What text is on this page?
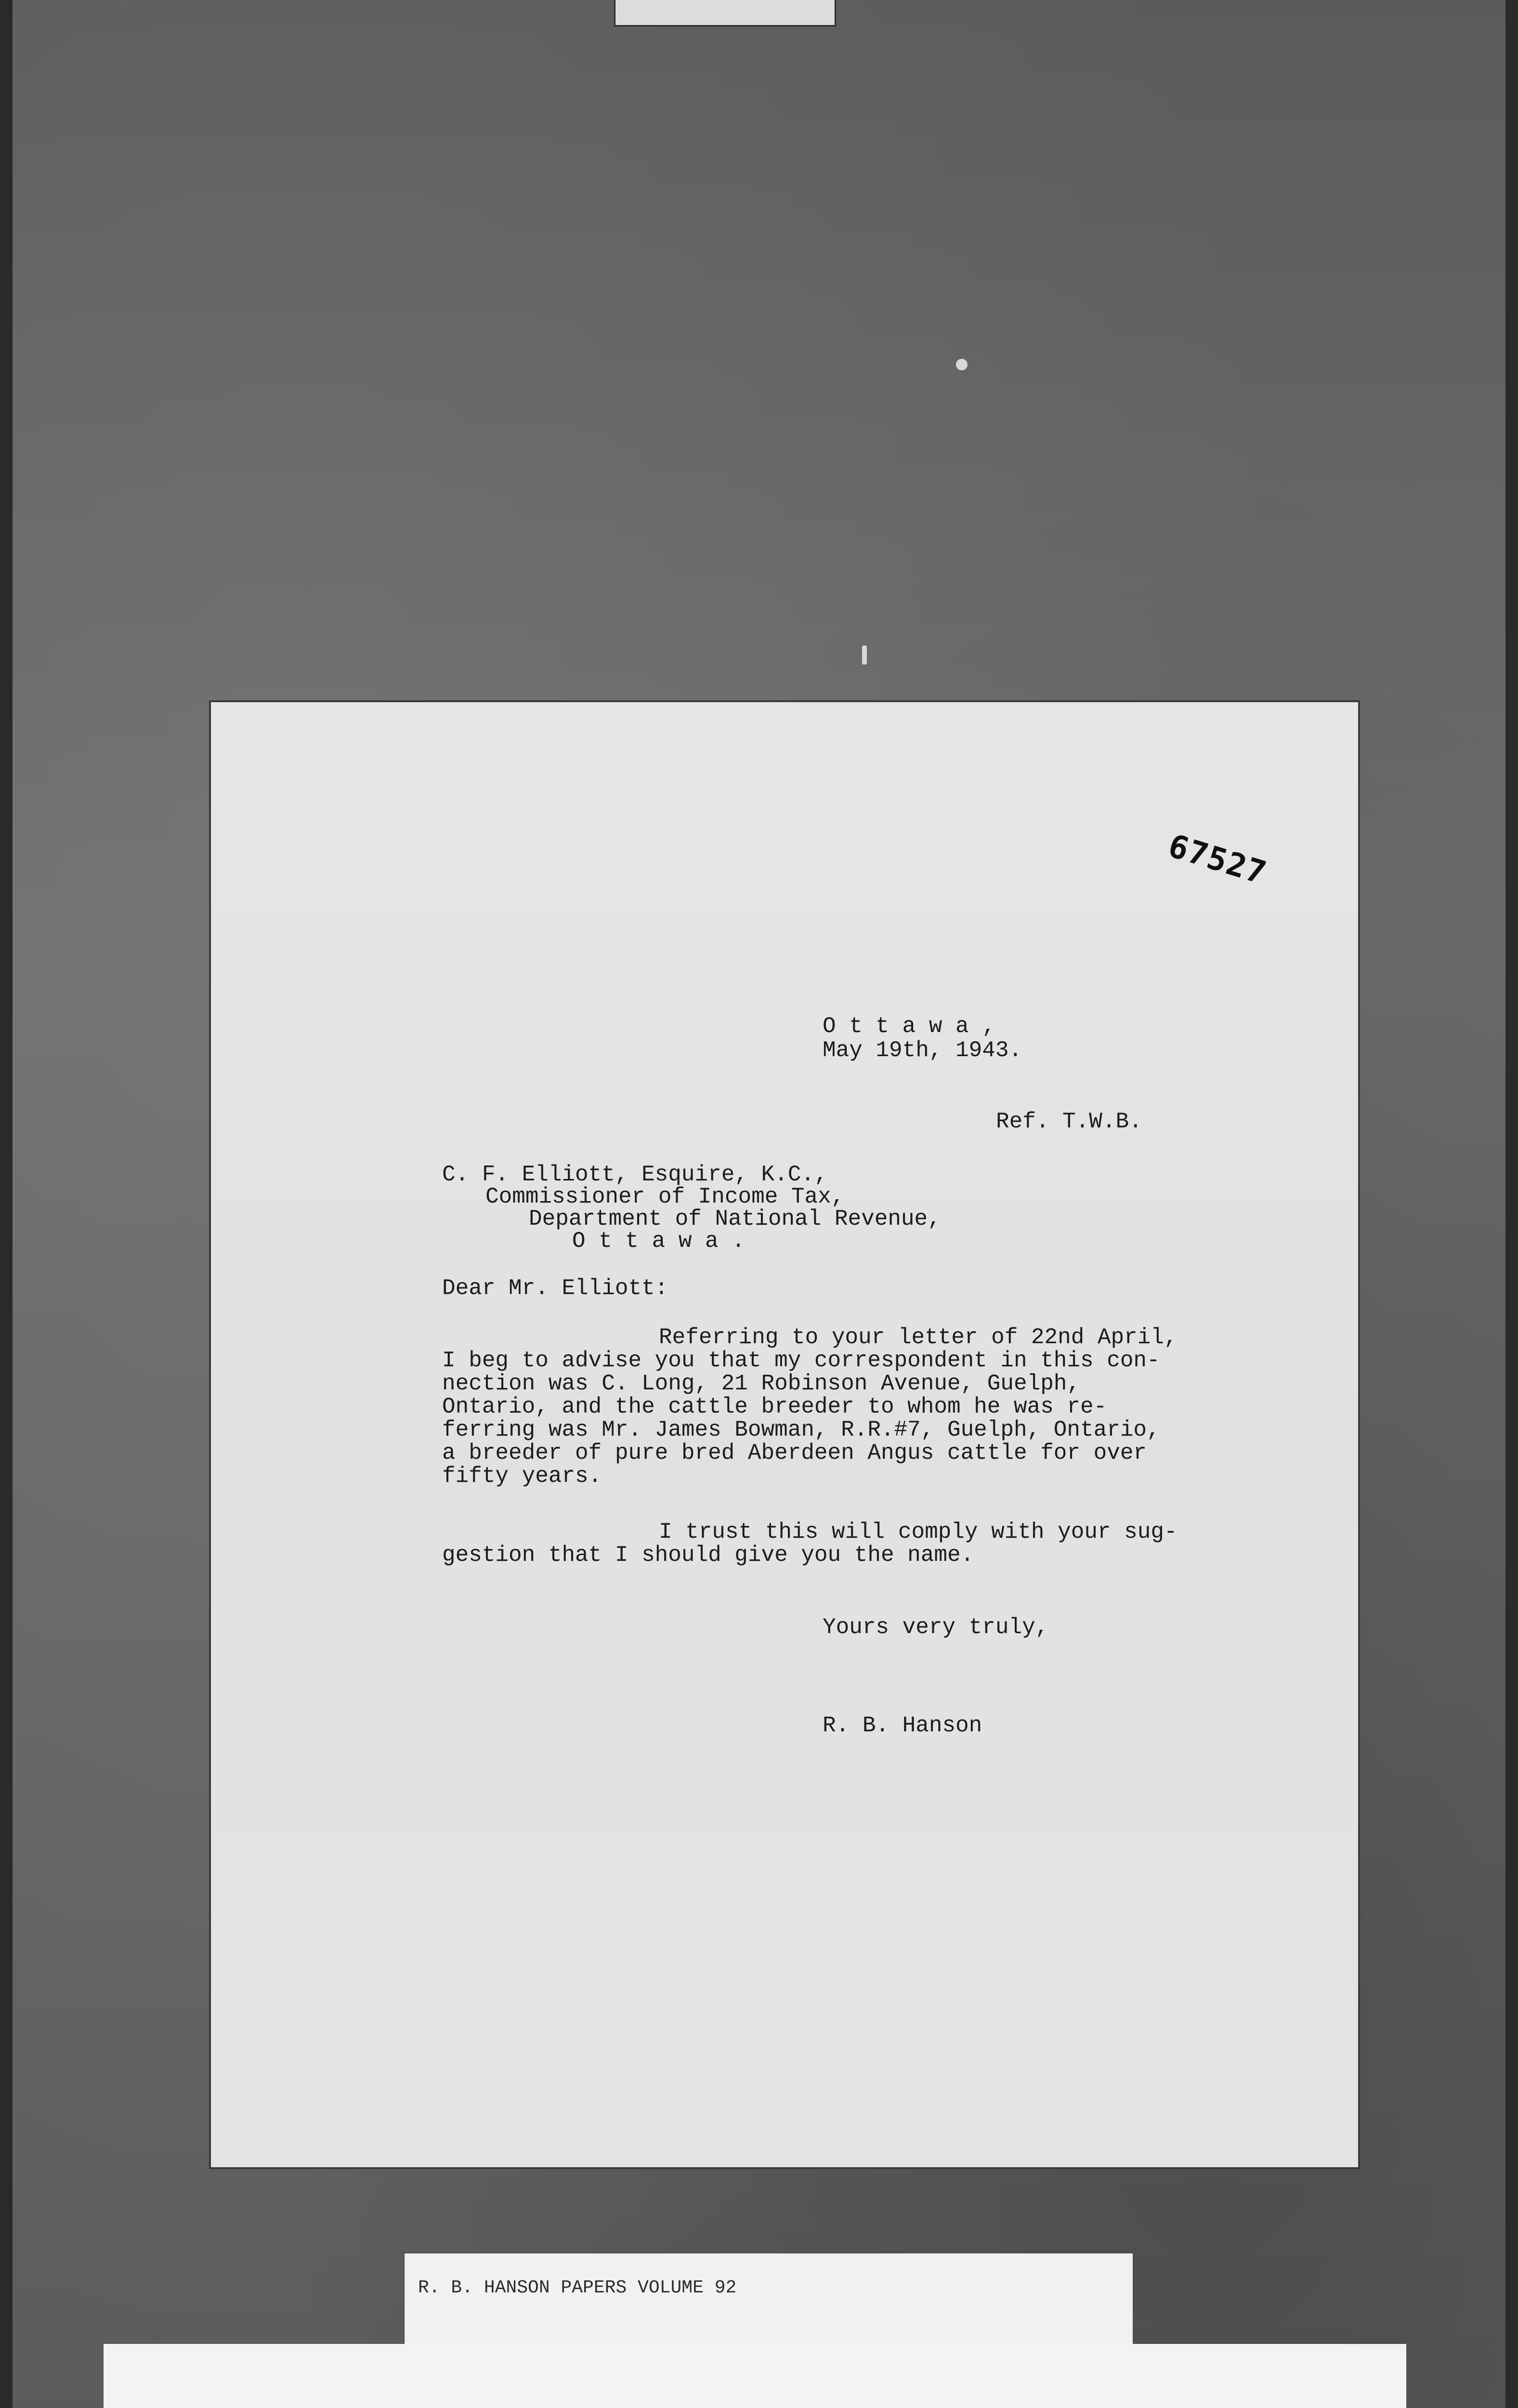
67527

O t t a w a ,

May 19th, 1943.

Ref. T.W.B.

C. F. Elliott, Esquire, K.C.,

Commissioner of Income Tax,

Department of National Revenue,

O t t a w a .

Dear Mr. Elliott:

Referring to your letter of 22nd April,

I beg to advise you that my correspondent in this con-

nection was C. Long, 21 Robinson Avenue, Guelph,

Ontario, and the cattle breeder to whom he was re-

ferring was Mr. James Bowman, R.R.#7, Guelph, Ontario,

a breeder of pure bred Aberdeen Angus cattle for over

fifty years.

I trust this will comply with your sug-

gestion that I should give you the name.

Yours very truly,

R. B. Hanson

R. B. HANSON PAPERS VOLUME 92
